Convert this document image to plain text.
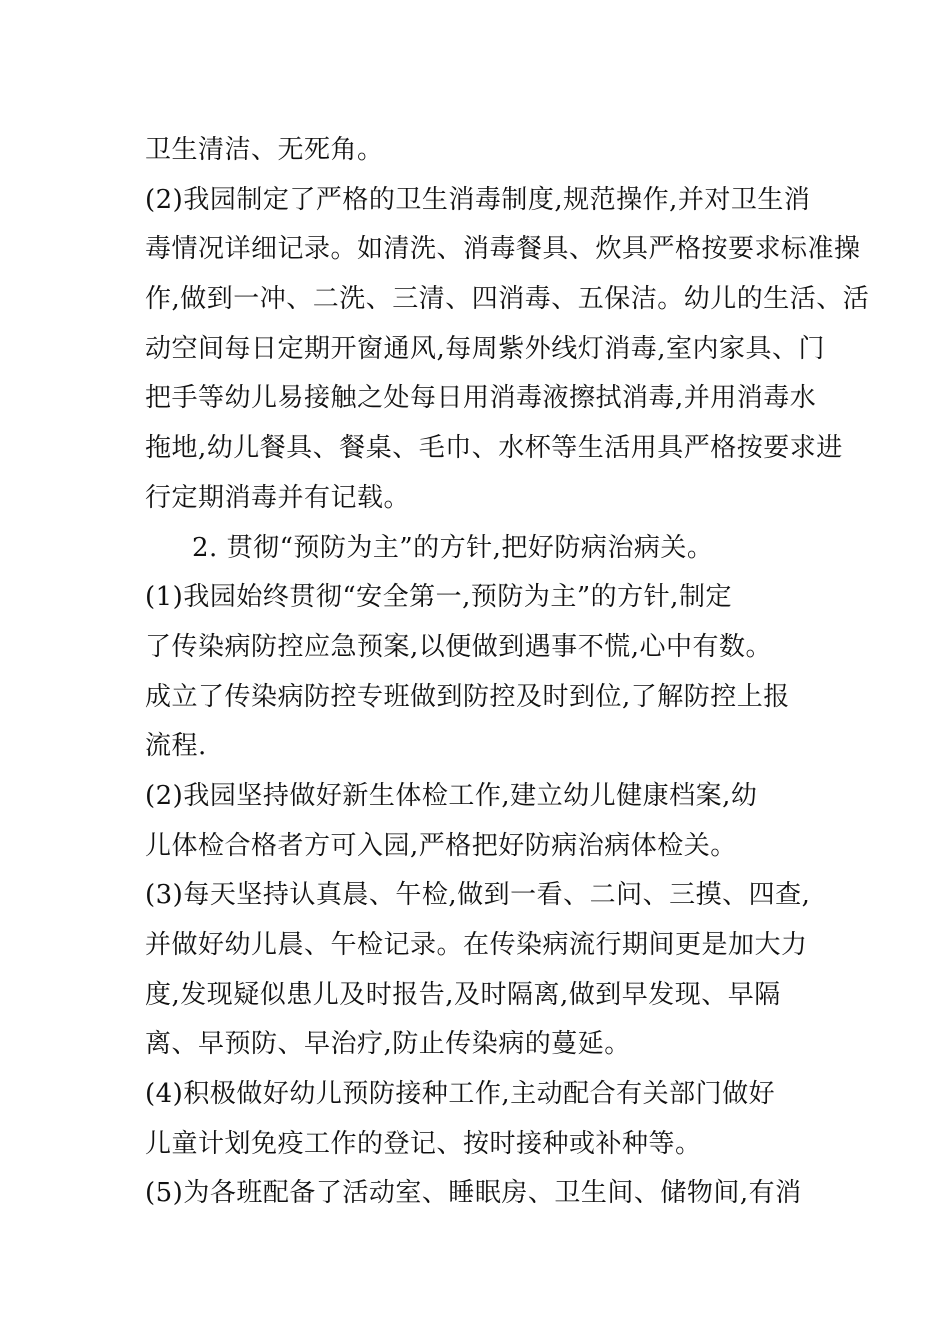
卫生清洁、无死角。
(2)我园制定了严格的卫生消毒制度,规范操作,并对卫生消
毒情况详细记录。如清洗、消毒餐具、炊具严格按要求标准操
作,做到一冲、二洗、三清、四消毒、五保洁。幼儿的生活、活
动空间每日定期开窗通风,每周紫外线灯消毒,室内家具、门
把手等幼儿易接触之处每日用消毒液擦拭消毒,并用消毒水
拖地,幼儿餐具、餐桌、毛巾、水杯等生活用具严格按要求进
行定期消毒并有记载。
2. 贯彻“预防为主”的方针,把好防病治病关。
(1)我园始终贯彻“安全第一,预防为主”的方针,制定
了传染病防控应急预案,以便做到遇事不慌,心中有数。
成立了传染病防控专班做到防控及时到位,了解防控上报
流程.
(2)我园坚持做好新生体检工作,建立幼儿健康档案,幼
儿体检合格者方可入园,严格把好防病治病体检关。
(3)每天坚持认真晨、午检,做到一看、二问、三摸、四查,
并做好幼儿晨、午检记录。在传染病流行期间更是加大力
度,发现疑似患儿及时报告,及时隔离,做到早发现、早隔
离、早预防、早治疗,防止传染病的蔓延。
(4)积极做好幼儿预防接种工作,主动配合有关部门做好
儿童计划免疫工作的登记、按时接种或补种等。
(5)为各班配备了活动室、睡眠房、卫生间、储物间,有消
